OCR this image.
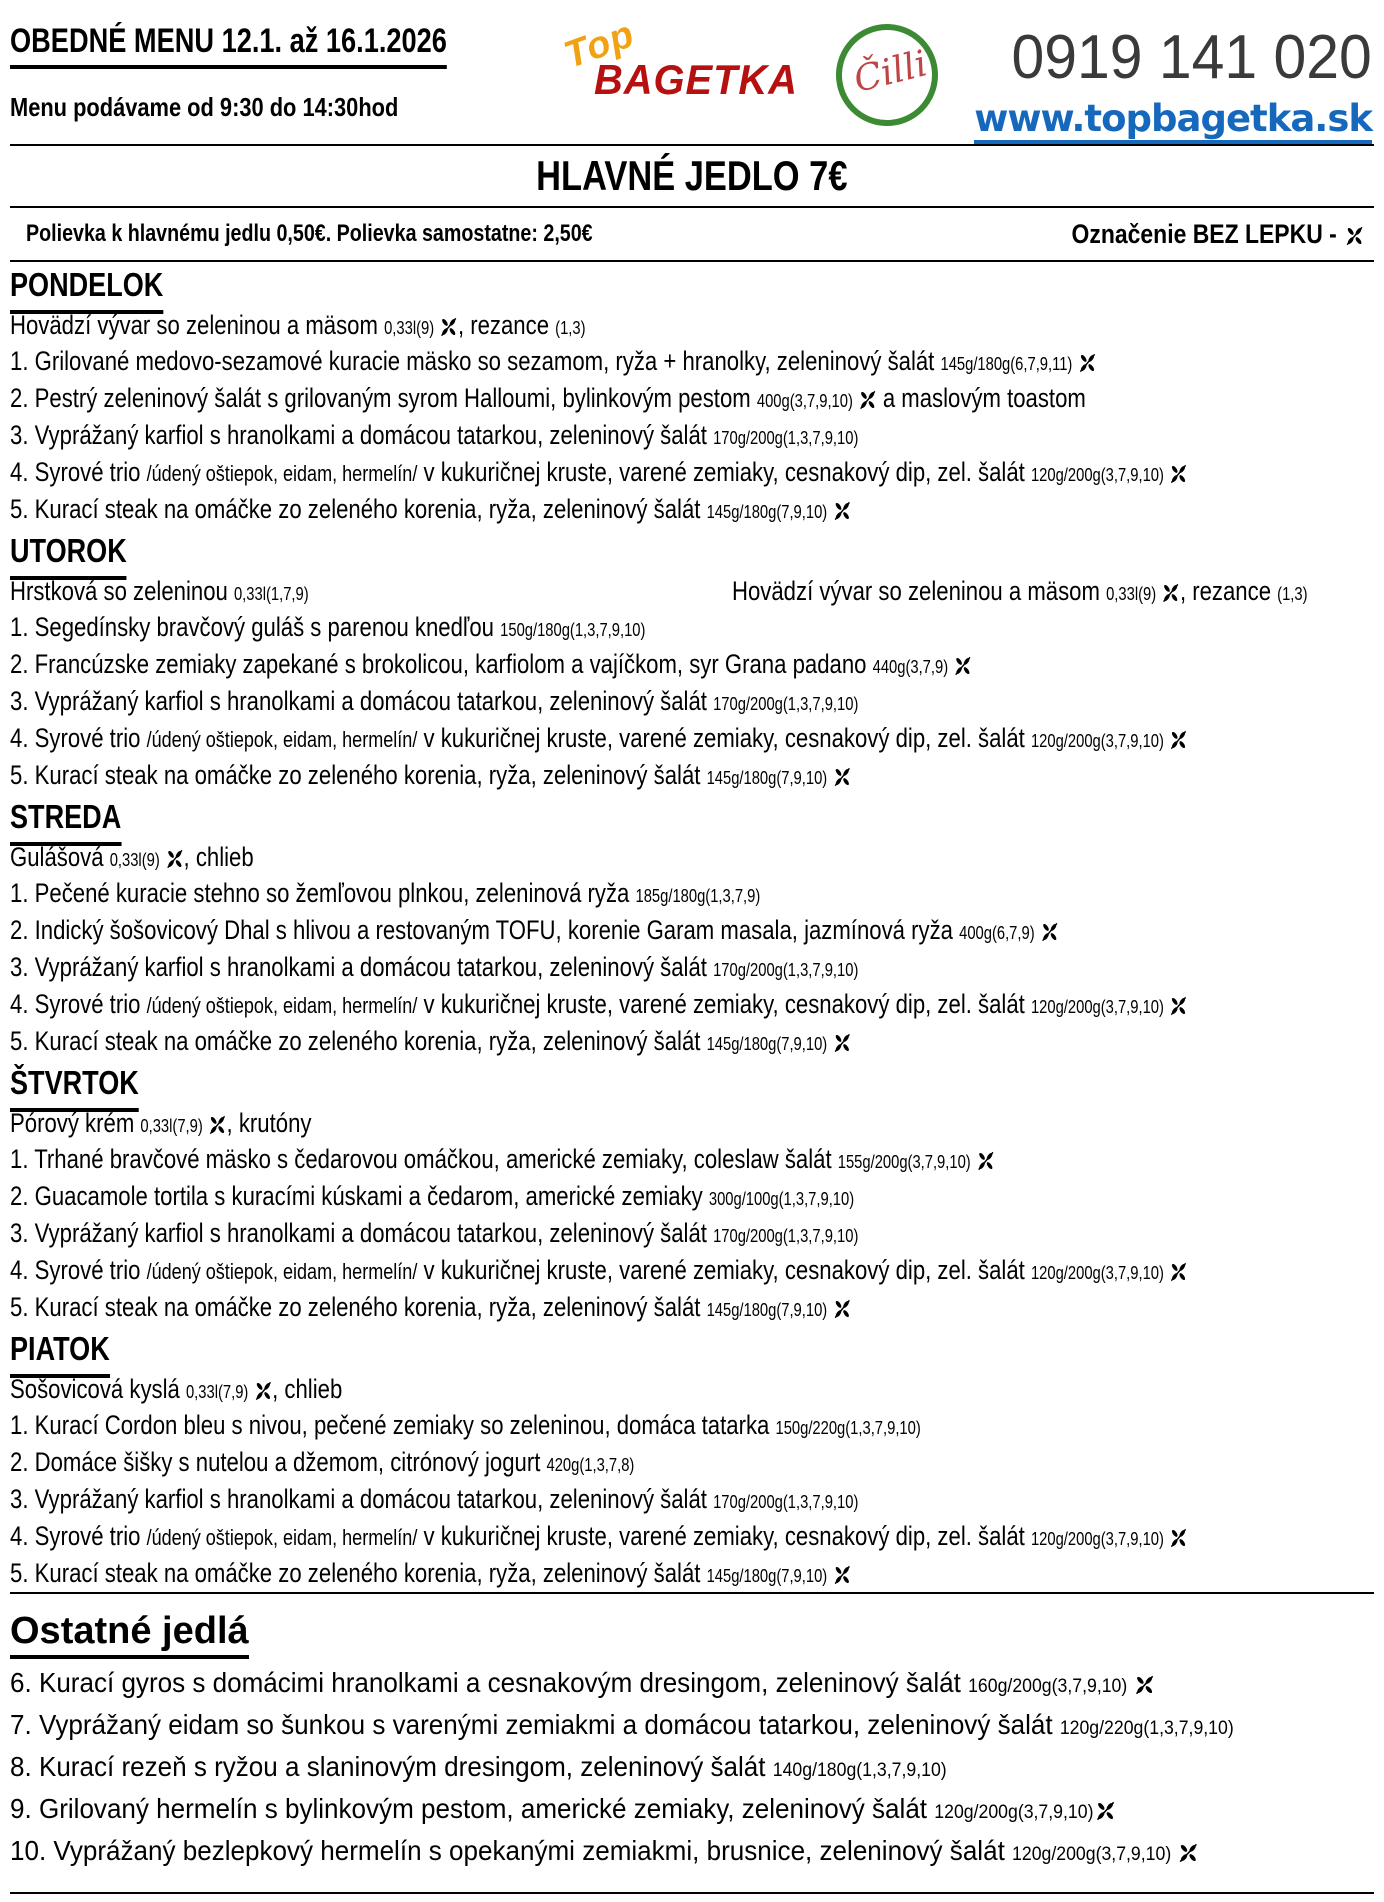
OBEDNÉ MENU 12.1. až 16.1.2026
Menu podávame od 9:30 do 14:30hod
Top
BAGETKA Čilli 0919 141 020
www.topbagetka.sk
HLAVNÉ JEDLO 7€
Polievka k hlavnému jedlu 0,50€. Polievka samostatne: 2,50€	Označenie BEZ LEPKU -
PONDELOK
Hovädzí vývar so zeleninou a mäsom 0,33l(9)
, rezance (1,3)
1. Grilované medovo-sezamové kuracie mäsko so sezamom, ryža + hranolky, zeleninový šalát 145g/180g(6,7,9,11)
2. Pestrý zeleninový šalát s grilovaným syrom Halloumi, bylinkovým pestom 400g(3,7,9,10)
a maslovým toastom
3. Vyprážaný karfiol s hranolkami a domácou tatarkou, zeleninový šalát 170g/200g(1,3,7,9,10)
4. Syrové trio /údený oštiepok, eidam, hermelín/ v kukuričnej kruste, varené zemiaky, cesnakový dip, zel. šalát 120g/200g(3,7,9,10)
5. Kurací steak na omáčke zo zeleného korenia, ryža, zeleninový šalát 145g/180g(7,9,10)
UTOROK
Hrstková so zeleninou 0,33l(1,7,9)	Hovädzí vývar so zeleninou a mäsom 0,33l(9)
, rezance (1,3)
1. Segedínsky bravčový guláš s parenou knedľou 150g/180g(1,3,7,9,10)
2. Francúzske zemiaky zapekané s brokolicou, karfiolom a vajíčkom, syr Grana padano 440g(3,7,9)
3. Vyprážaný karfiol s hranolkami a domácou tatarkou, zeleninový šalát 170g/200g(1,3,7,9,10)
4. Syrové trio /údený oštiepok, eidam, hermelín/ v kukuričnej kruste, varené zemiaky, cesnakový dip, zel. šalát 120g/200g(3,7,9,10)
5. Kurací steak na omáčke zo zeleného korenia, ryža, zeleninový šalát 145g/180g(7,9,10)
STREDA
Gulášová 0,33l(9)
, chlieb
1. Pečené kuracie stehno so žemľovou plnkou, zeleninová ryža 185g/180g(1,3,7,9)
2. Indický šošovicový Dhal s hlivou a restovaným TOFU, korenie Garam masala, jazmínová ryža 400g(6,7,9)
3. Vyprážaný karfiol s hranolkami a domácou tatarkou, zeleninový šalát 170g/200g(1,3,7,9,10)
4. Syrové trio /údený oštiepok, eidam, hermelín/ v kukuričnej kruste, varené zemiaky, cesnakový dip, zel. šalát 120g/200g(3,7,9,10)
5. Kurací steak na omáčke zo zeleného korenia, ryža, zeleninový šalát 145g/180g(7,9,10)
ŠTVRTOK
Pórový krém 0,33l(7,9)
, krutóny
1. Trhané bravčové mäsko s čedarovou omáčkou, americké zemiaky, coleslaw šalát 155g/200g(3,7,9,10)
2. Guacamole tortila s kuracími kúskami a čedarom, americké zemiaky 300g/100g(1,3,7,9,10)
3. Vyprážaný karfiol s hranolkami a domácou tatarkou, zeleninový šalát 170g/200g(1,3,7,9,10)
4. Syrové trio /údený oštiepok, eidam, hermelín/ v kukuričnej kruste, varené zemiaky, cesnakový dip, zel. šalát 120g/200g(3,7,9,10)
5. Kurací steak na omáčke zo zeleného korenia, ryža, zeleninový šalát 145g/180g(7,9,10)
PIATOK
Šošovicová kyslá 0,33l(7,9)
, chlieb
1. Kurací Cordon bleu s nivou, pečené zemiaky so zeleninou, domáca tatarka 150g/220g(1,3,7,9,10)
2. Domáce šišky s nutelou a džemom, citrónový jogurt 420g(1,3,7,8)
3. Vyprážaný karfiol s hranolkami a domácou tatarkou, zeleninový šalát 170g/200g(1,3,7,9,10)
4. Syrové trio /údený oštiepok, eidam, hermelín/ v kukuričnej kruste, varené zemiaky, cesnakový dip, zel. šalát 120g/200g(3,7,9,10)
5. Kurací steak na omáčke zo zeleného korenia, ryža, zeleninový šalát 145g/180g(7,9,10)
Ostatné jedlá
6. Kurací gyros s domácimi hranolkami a cesnakovým dresingom, zeleninový šalát 160g/200g(3,7,9,10)
7. Vyprážaný eidam so šunkou s varenými zemiakmi a domácou tatarkou, zeleninový šalát 120g/220g(1,3,7,9,10)
8. Kurací rezeň s ryžou a slaninovým dresingom, zeleninový šalát 140g/180g(1,3,7,9,10)
9. Grilovaný hermelín s bylinkovým pestom, americké zemiaky, zeleninový šalát 120g/200g(3,7,9,10)
10. Vyprážaný bezlepkový hermelín s opekanými zemiakmi, brusnice, zeleninový šalát 120g/200g(3,7,9,10)
